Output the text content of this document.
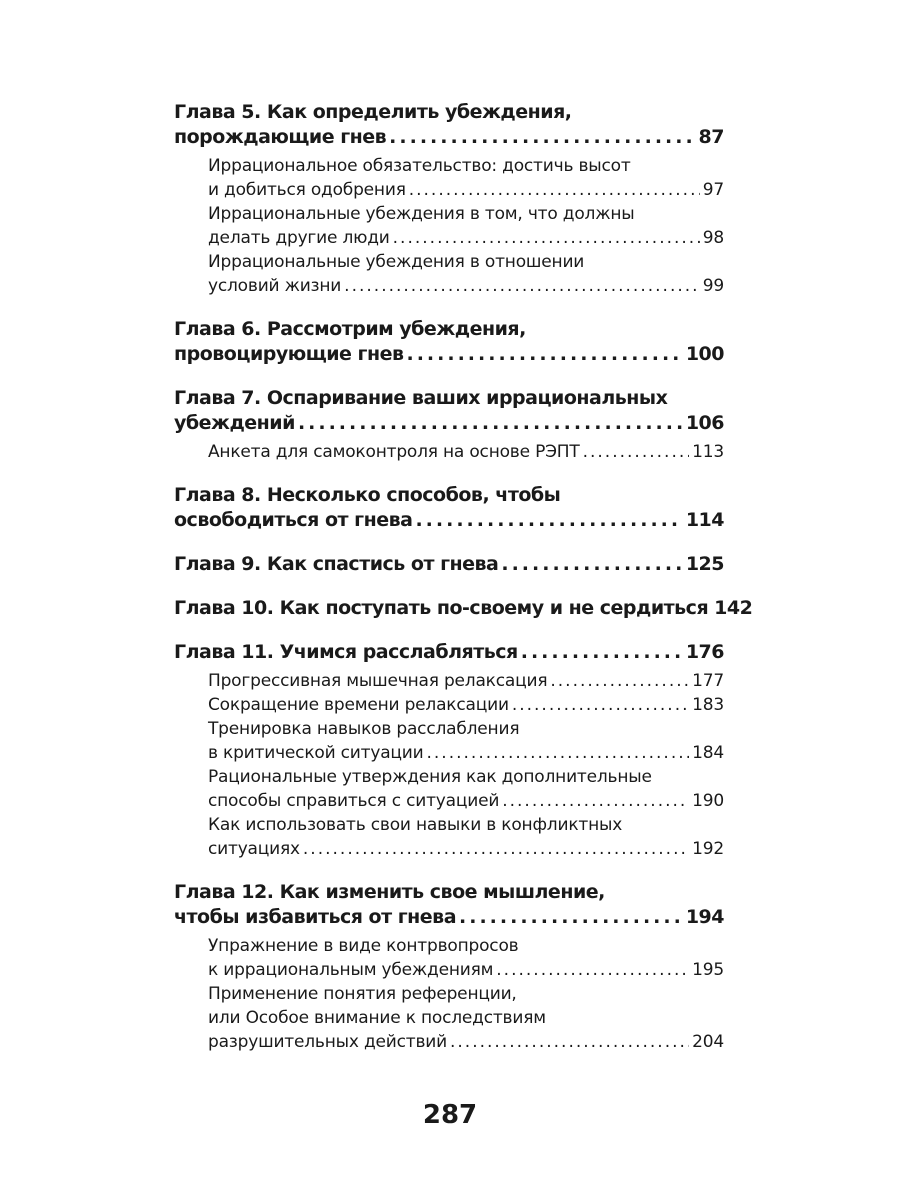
Глава 5. Как определить убеждения,
порождающие гнев .....	87
Иррациональное обязательство: достичь высот
и добиться одобрения .....	97
Иррациональные убеждения в том, что должны
делать другие люди .....	98
Иррациональные убеждения в отношении
условий жизни .....	99
Глава 6. Рассмотрим убеждения,
провоцирующие гнев .....	100
Глава 7. Оспаривание ваших иррациональных
убеждений .....	106
Анкета для самоконтроля на основе РЭПТ .....	113
Глава 8. Несколько способов, чтобы
освободиться от гнева .....	114
Глава 9. Как спастись от гнева .....	125
Глава 10. Как поступать по-своему и не сердиться 142
Глава 11. Учимся расслабляться .....	176
Прогрессивная мышечная релаксация .....	177
Сокращение времени релаксации .....	183
Тренировка навыков расслабления
в критической ситуации .....	184
Рациональные утверждения как дополнительные
способы справиться с ситуацией .....	190
Как использовать свои навыки в конфликтных
ситуациях .....	192
Глава 12. Как изменить свое мышление,
чтобы избавиться от гнева .....	194
Упражнение в виде контрвопросов
к иррациональным убеждениям .....	195
Применение понятия референции,
или Особое внимание к последствиям
разрушительных действий .....	204
287
